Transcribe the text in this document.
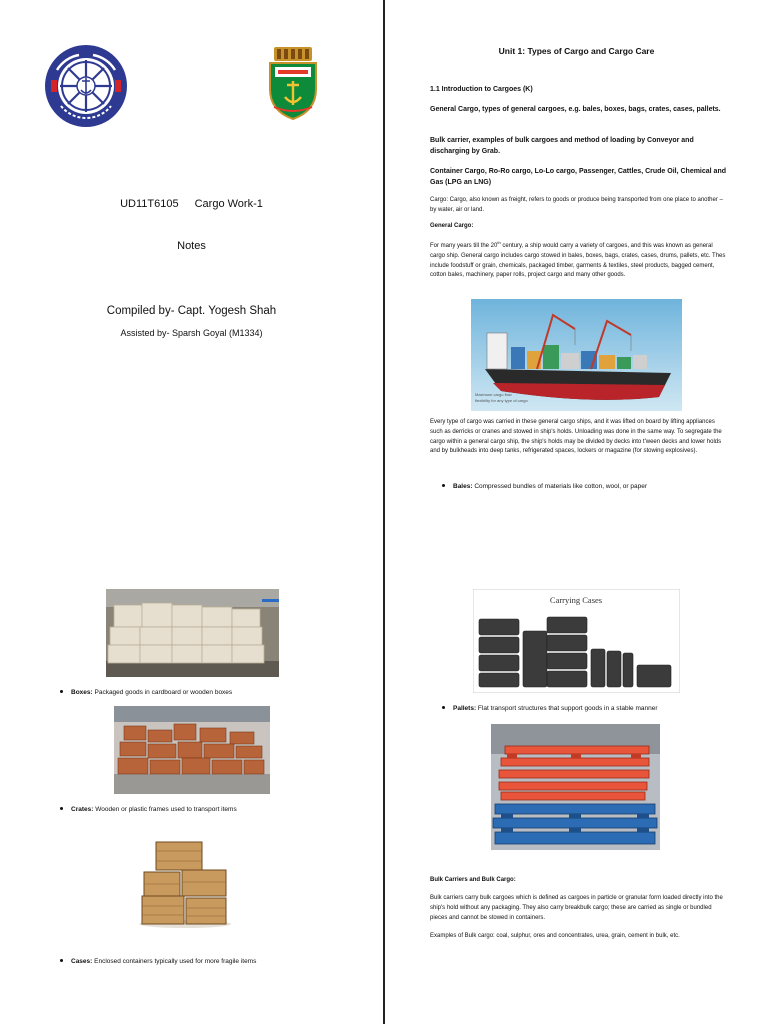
UD11T6105 Cargo Work-1
Notes
Compiled by- Capt. Yogesh Shah
Assisted by- Sparsh Goyal (M1334)
Boxes: Packaged goods in cardboard or wooden boxes
Crates: Wooden or plastic frames used to transport items
Cases: Enclosed containers typically used for more fragile items
Unit 1: Types of Cargo and Cargo Care
1.1 Introduction to Cargoes (K)
General Cargo, types of general cargoes, e.g. bales, boxes, bags, crates, cases, pallets.
Bulk carrier, examples of bulk cargoes and method of loading by Conveyor and discharging by Grab.
Container Cargo, Ro-Ro cargo, Lo-Lo cargo, Passenger, Cattles, Crude Oil, Chemical and Gas (LPG an LNG)
Cargo: Cargo, also known as freight, refers to goods or produce being transported from one place to another – by water, air or land.
General Cargo:
For many years till the 20th century, a ship would carry a variety of cargoes, and this was known as general cargo ship. General cargo includes cargo stowed in bales, boxes, bags, crates, cases, drums, pallets, etc. Thes include foodstuff or grain, chemicals, packaged timber, garments & textiles, steel products, bagged cement, cotton bales, machinery, paper rolls, project cargo and many other goods.
Maximum cargo flow
flexibility for any type of cargo
Every type of cargo was carried in these general cargo ships, and it was lifted on board by lifting appliances such as derricks or cranes and stowed in ship's holds. Unloading was done in the same way. To segregate the cargo within a general cargo ship, the ship's holds may be divided by decks into t'ween decks and lower holds and by bulkheads into deep tanks, refrigerated spaces, lockers or magazine (for stowing explosives).
Bales: Compressed bundles of materials like cotton, wool, or paper
Carrying Cases
Pallets: Flat transport structures that support goods in a stable manner
Bulk Carriers and Bulk Cargo:
Bulk carriers carry bulk cargoes which is defined as cargoes in particle or granular form loaded directly into the ship's hold without any packaging. They also carry breakbulk cargo; these are carried as single or bundled pieces and cannot be stowed in containers.
Examples of Bulk cargo: coal, sulphur, ores and concentrates, urea, grain, cement in bulk, etc.
